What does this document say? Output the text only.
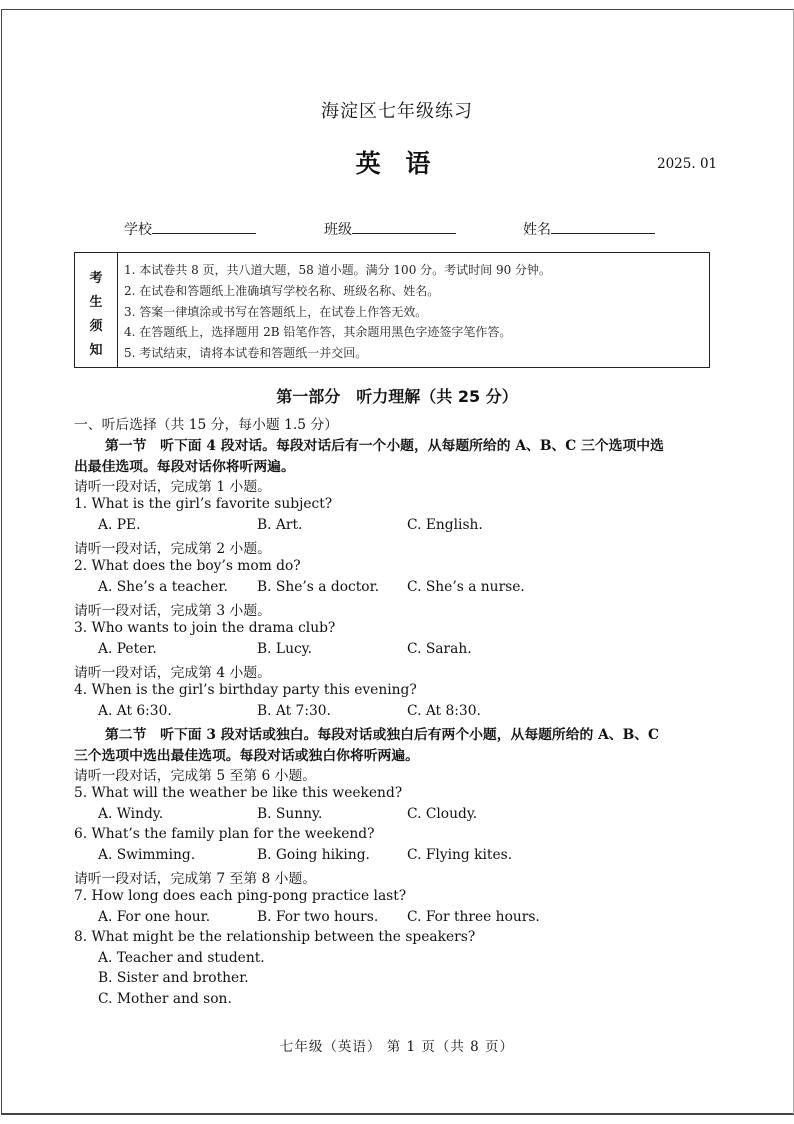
海淀区七年级练习
英 语	2025. 01
学校	班级	姓名
考
生
须
知
1. 本试卷共 8 页，共八道大题，58 道小题。满分 100 分。考试时间 90 分钟。
2. 在试卷和答题纸上准确填写学校名称、班级名称、姓名。
3. 答案一律填涂或书写在答题纸上，在试卷上作答无效。
4. 在答题纸上，选择题用 2B 铅笔作答，其余题用黑色字迹签字笔作答。
5. 考试结束，请将本试卷和答题纸一并交回。
第一部分　听力理解（共 25 分）
一、听后选择（共 15 分，每小题 1.5 分）
第一节　听下面 4 段对话。每段对话后有一个小题，从每题所给的 A、B、C 三个选项中选
出最佳选项。每段对话你将听两遍。
请听一段对话，完成第 1 小题。
1. What is the girl’s favorite subject?
A. PE.	B. Art.	C. English.
请听一段对话，完成第 2 小题。
2. What does the boy’s mom do?
A. She’s a teacher. B. She’s a doctor. C. She’s a nurse.
请听一段对话，完成第 3 小题。
3. Who wants to join the drama club?
A. Peter.	B. Lucy.	C. Sarah.
请听一段对话，完成第 4 小题。
4. When is the girl’s birthday party this evening?
A. At 6:30.	B. At 7:30.	C. At 8:30.
第二节　听下面 3 段对话或独白。每段对话或独白后有两个小题，从每题所给的 A、B、C
三个选项中选出最佳选项。每段对话或独白你将听两遍。
请听一段对话，完成第 5 至第 6 小题。
5. What will the weather be like this weekend?
A. Windy.	B. Sunny.	C. Cloudy.
6. What’s the family plan for the weekend?
A. Swimming.	B. Going hiking.	C. Flying kites.
请听一段对话，完成第 7 至第 8 小题。
7. How long does each ping-pong practice last?
A. For one hour.	B. For two hours. C. For three hours.
8. What might be the relationship between the speakers?
A. Teacher and student.
B. Sister and brother.
C. Mother and son.
七年级（英语） 第 1 页（共 8 页）
